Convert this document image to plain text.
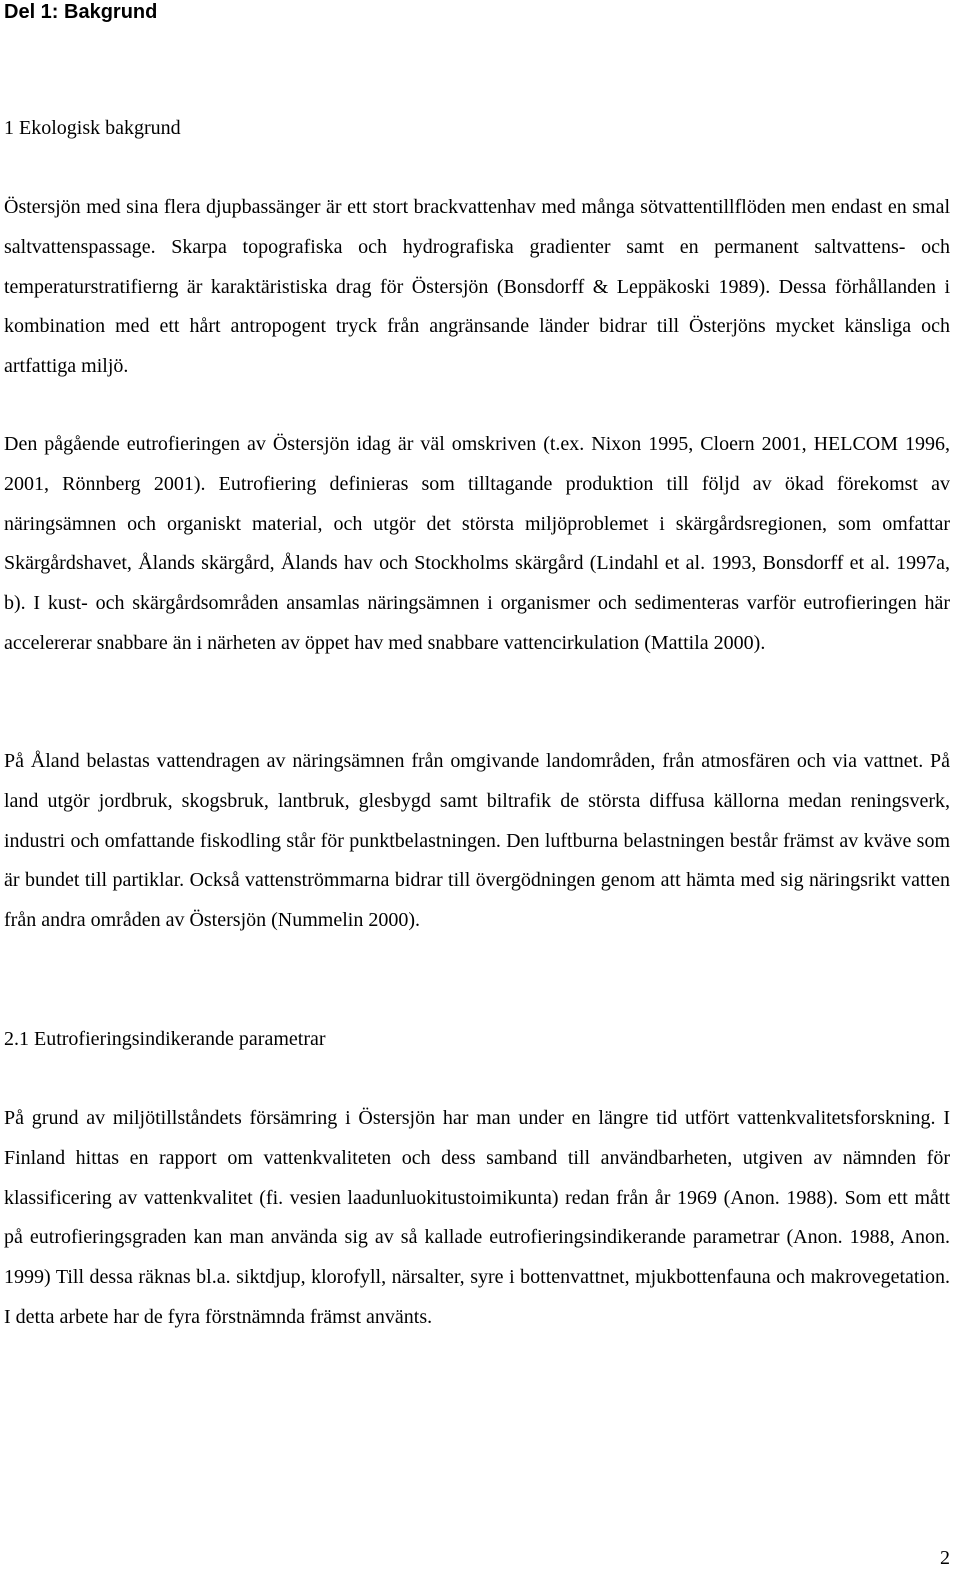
Del 1: Bakgrund
1 Ekologisk bakgrund

Östersjön med sina flera djupbassänger är ett stort brackvattenhav med många sötvattentillflöden men endast en smal saltvattenspassage. Skarpa topografiska och hydrografiska gradienter samt en permanent saltvattens- och temperaturstratifierng är karaktäristiska drag för Östersjön (Bonsdorff & Leppäkoski 1989). Dessa förhållanden i kombination med ett hårt antropogent tryck från angränsande länder bidrar till Österjöns mycket känsliga och artfattiga miljö.

Den pågående eutrofieringen av Östersjön idag är väl omskriven (t.ex. Nixon 1995, Cloern 2001, HELCOM 1996, 2001, Rönnberg 2001). Eutrofiering definieras som tilltagande produktion till följd av ökad förekomst av näringsämnen och organiskt material, och utgör det största miljöproblemet i skärgårdsregionen, som omfattar Skärgårdshavet, Ålands skärgård, Ålands hav och Stockholms skärgård (Lindahl et al. 1993, Bonsdorff et al. 1997a, b). I kust- och skärgårdsområden ansamlas näringsämnen i organismer och sedimenteras varför eutrofieringen här accelererar snabbare än i närheten av öppet hav med snabbare vattencirkulation (Mattila 2000).

På Åland belastas vattendragen av näringsämnen från omgivande landområden, från atmosfären och via vattnet. På land utgör jordbruk, skogsbruk, lantbruk, glesbygd samt biltrafik de största diffusa källorna medan reningsverk, industri och omfattande fiskodling står för punktbelastningen. Den luftburna belastningen består främst av kväve som är bundet till partiklar. Också vattenströmmarna bidrar till övergödningen genom att hämta med sig näringsrikt vatten från andra områden av Östersjön (Nummelin 2000).

2.1 Eutrofieringsindikerande parametrar

På grund av miljötillståndets försämring i Östersjön har man under en längre tid utfört vattenkvalitetsforskning. I Finland hittas en rapport om vattenkvaliteten och dess samband till användbarheten, utgiven av nämnden för klassificering av vattenkvalitet (fi. vesien laadunluokitustoimikunta) redan från år 1969 (Anon. 1988). Som ett mått på eutrofieringsgraden kan man använda sig av så kallade eutrofieringsindikerande parametrar (Anon. 1988, Anon. 1999) Till dessa räknas bl.a. siktdjup, klorofyll, närsalter, syre i bottenvattnet, mjukbottenfauna och makrovegetation. I detta arbete har de fyra förstnämnda främst använts.

2
